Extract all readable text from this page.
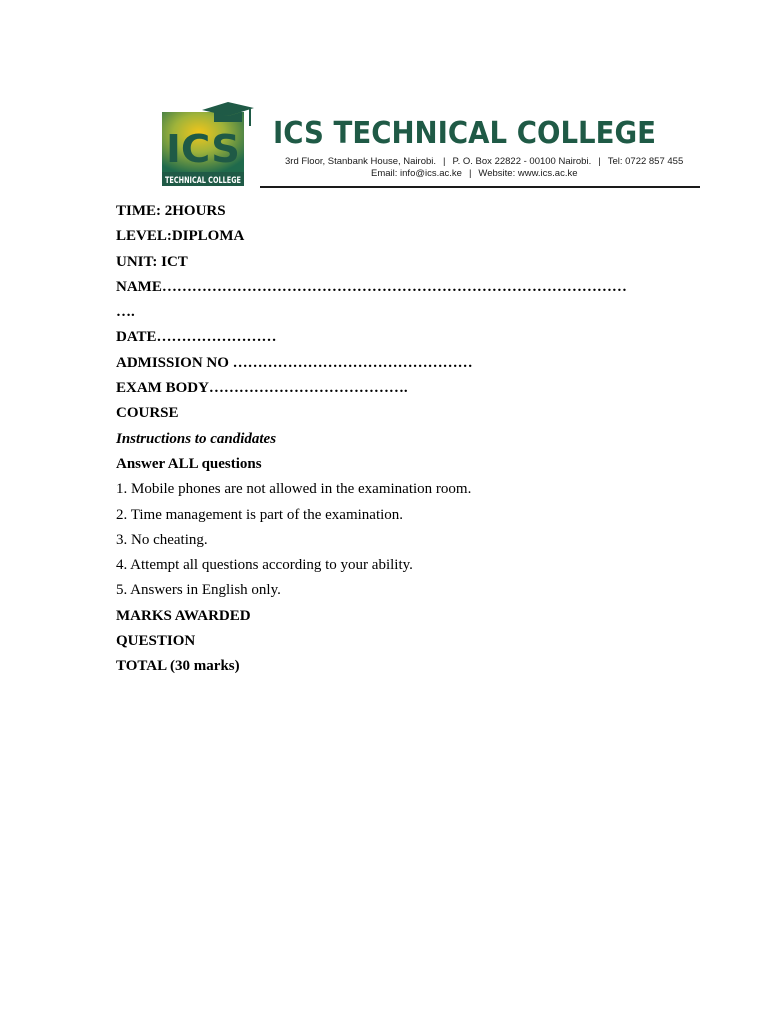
ICS
TECHNICAL COLLEGE
ICS TECHNICAL COLLEGE
3rd Floor, Stanbank House, Nairobi. | P. O. Box 22822 - 00100 Nairobi. | Tel: 0722 857 455
Email: info@ics.ac.ke | Website: www.ics.ac.ke
TIME: 2HOURS
LEVEL:DIPLOMA
UNIT: ICT
NAME…………………………………………………………………………………
….
DATE……………………
ADMISSION NO …………………………………………
EXAM BODY………………………………….
COURSE
Instructions to candidates
Answer ALL questions
1. Mobile phones are not allowed in the examination room.
2. Time management is part of the examination.
3. No cheating.
4. Attempt all questions according to your ability.
5. Answers in English only.
MARKS AWARDED
QUESTION
TOTAL (30 marks)
